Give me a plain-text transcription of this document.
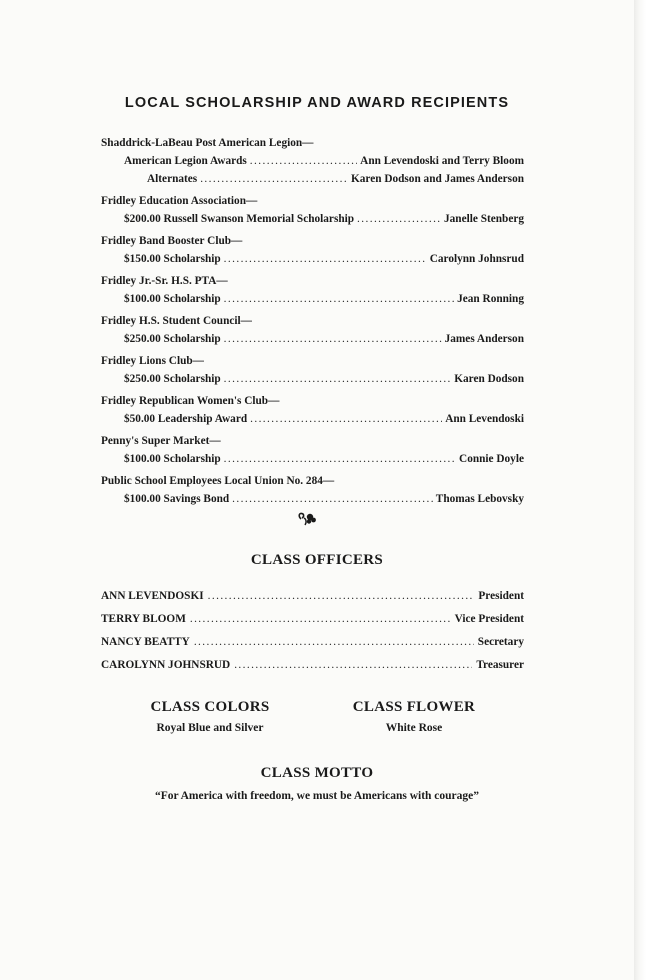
LOCAL SCHOLARSHIP AND AWARD RECIPIENTS
Shaddrick-LaBeau Post American Legion—
American Legion Awards .....	Ann Levendoski and Terry Bloom
Alternates .....	Karen Dodson and James Anderson
Fridley Education Association—
$200.00 Russell Swanson Memorial Scholarship .....	Janelle Stenberg
Fridley Band Booster Club—
$150.00 Scholarship .....	Carolynn Johnsrud
Fridley Jr.-Sr. H.S. PTA—
$100.00 Scholarship .....	Jean Ronning
Fridley H.S. Student Council—
$250.00 Scholarship .....	James Anderson
Fridley Lions Club—
$250.00 Scholarship .....	Karen Dodson
Fridley Republican Women's Club—
$50.00 Leadership Award .....	Ann Levendoski
Penny's Super Market—
$100.00 Scholarship .....	Connie Doyle
Public School Employees Local Union No. 284—
$100.00 Savings Bond .....	Thomas Lebovsky
CLASS OFFICERS
ANN LEVENDOSKI .....	President
TERRY BLOOM .....	Vice President
NANCY BEATTY .....	Secretary
CAROLYNN JOHNSRUD .....	Treasurer
CLASS COLORS
Royal Blue and Silver
CLASS FLOWER
White Rose
CLASS MOTTO
“For America with freedom, we must be Americans with courage”
